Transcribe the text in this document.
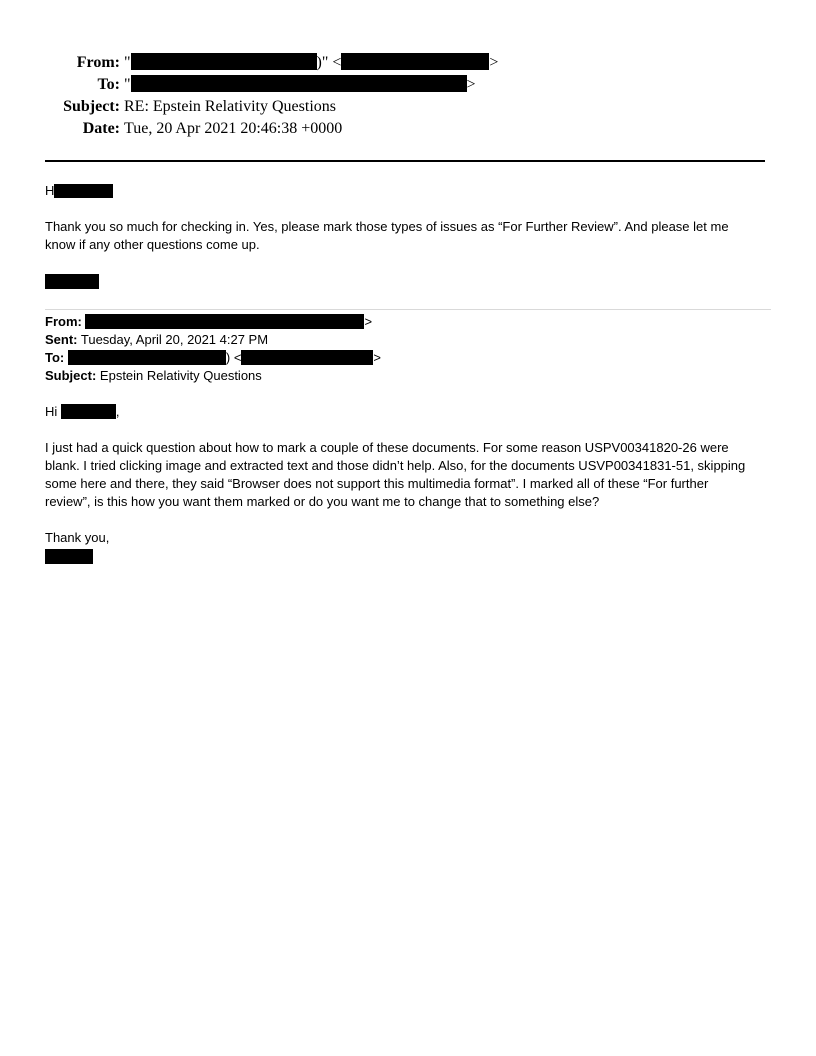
From: "	)" <	>
To: "	>
Subject: RE: Epstein Relativity Questions
Date: Tue, 20 Apr 2021 20:46:38 +0000
H
Thank you so much for checking in. Yes, please mark those types of issues as “For Further Review”. And please let me
know if any other questions come up.
From:	>
Sent: Tuesday, April 20, 2021 4:27 PM
To:	) <	>
Subject: Epstein Relativity Questions
Hi	,
I just had a quick question about how to mark a couple of these documents. For some reason USPV00341820-26 were
blank. I tried clicking image and extracted text and those didn’t help. Also, for the documents USVP00341831-51, skipping
some here and there, they said “Browser does not support this multimedia format”. I marked all of these “For further
review”, is this how you want them marked or do you want me to change that to something else?
Thank you,
